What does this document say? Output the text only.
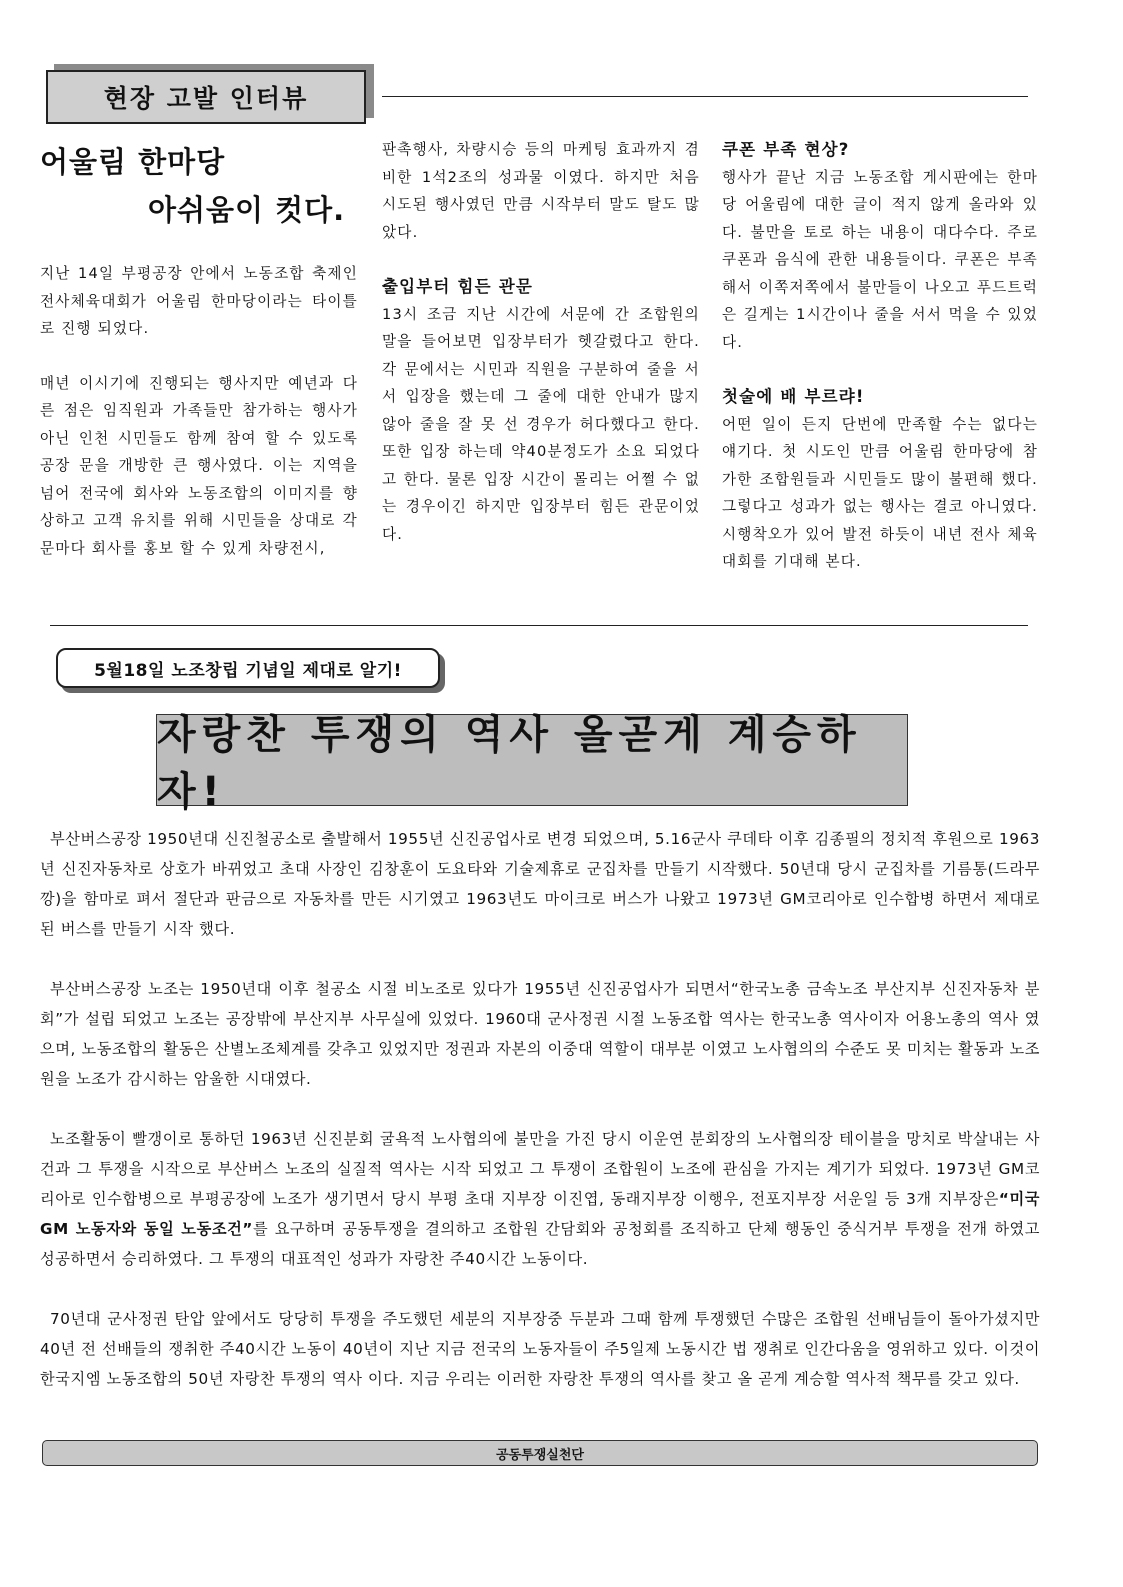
현장 고발 인터뷰
어울림 한마당
아쉬움이 컷다.

지난 14일 부평공장 안에서 노동조합 축제인 전사체육대회가 어울림 한마당이라는 타이틀로 진행 되었다.

매년 이시기에 진행되는 행사지만 예년과 다른 점은 임직원과 가족들만 참가하는 행사가 아닌 인천 시민들도 함께 참여 할 수 있도록 공장 문을 개방한 큰 행사였다. 이는 지역을 넘어 전국에 회사와 노동조합의 이미지를 향상하고 고객 유치를 위해 시민들을 상대로 각 문마다 회사를 홍보 할 수 있게 차량전시,

판촉행사, 차량시승 등의 마케팅 효과까지 겸비한 1석2조의 성과물 이였다. 하지만 처음 시도된 행사였던 만큼 시작부터 말도 탈도 많았다.

출입부터 힘든 관문

13시 조금 지난 시간에 서문에 간 조합원의 말을 들어보면 입장부터가 헷갈렸다고 한다. 각 문에서는 시민과 직원을 구분하여 줄을 서서 입장을 했는데 그 줄에 대한 안내가 많지 않아 줄을 잘 못 선 경우가 허다했다고 한다. 또한 입장 하는데 약40분정도가 소요 되었다고 한다. 물론 입장 시간이 몰리는 어쩔 수 없는 경우이긴 하지만 입장부터 힘든 관문이었다.

쿠폰 부족 현상?

행사가 끝난 지금 노동조합 게시판에는 한마당 어울림에 대한 글이 적지 않게 올라와 있다. 불만을 토로 하는 내용이 대다수다. 주로 쿠폰과 음식에 관한 내용들이다. 쿠폰은 부족해서 이쪽저쪽에서 불만들이 나오고 푸드트럭은 길게는 1시간이나 줄을 서서 먹을 수 있었다.

첫술에 배 부르랴!

어떤 일이 든지 단번에 만족할 수는 없다는 얘기다. 첫 시도인 만큼 어울림 한마당에 참가한 조합원들과 시민들도 많이 불편해 했다. 그렇다고 성과가 없는 행사는 결코 아니였다. 시행착오가 있어 발전 하듯이 내년 전사 체육대회를 기대해 본다.

5월18일 노조창립 기념일 제대로 알기!
자랑찬 투쟁의 역사 올곧게 계승하자!

부산버스공장 1950년대 신진철공소로 출발해서 1955년 신진공업사로 변경 되었으며, 5.16군사 쿠데타 이후 김종필의 정치적 후원으로 1963년 신진자동차로 상호가 바뀌었고 초대 사장인 김창훈이 도요타와 기술제휴로 군집차를 만들기 시작했다. 50년대 당시 군집차를 기름통(드라무깡)을 함마로 펴서 절단과 판금으로 자동차를 만든 시기였고 1963년도 마이크로 버스가 나왔고 1973년 GM코리아로 인수합병 하면서 제대로 된 버스를 만들기 시작 했다.

부산버스공장 노조는 1950년대 이후 철공소 시절 비노조로 있다가 1955년 신진공업사가 되면서“한국노총 금속노조 부산지부 신진자동차 분회”가 설립 되었고 노조는 공장밖에 부산지부 사무실에 있었다. 1960대 군사정권 시절 노동조합 역사는 한국노총 역사이자 어용노총의 역사 였으며, 노동조합의 활동은 산별노조체계를 갖추고 있었지만 정권과 자본의 이중대 역할이 대부분 이였고 노사협의의 수준도 못 미치는 활동과 노조원을 노조가 감시하는 암울한 시대였다.

노조활동이 빨갱이로 통하던 1963년 신진분회 굴욕적 노사협의에 불만을 가진 당시 이운연 분회장의 노사협의장 테이블을 망치로 박살내는 사건과 그 투쟁을 시작으로 부산버스 노조의 실질적 역사는 시작 되었고 그 투쟁이 조합원이 노조에 관심을 가지는 계기가 되었다. 1973년 GM코리아로 인수합병으로 부평공장에 노조가 생기면서 당시 부평 초대 지부장 이진엽, 동래지부장 이행우, 전포지부장 서운일 등 3개 지부장은“미국 GM 노동자와 동일 노동조건”를 요구하며 공동투쟁을 결의하고 조합원 간담회와 공청회를 조직하고 단체 행동인 중식거부 투쟁을 전개 하였고 성공하면서 승리하였다. 그 투쟁의 대표적인 성과가 자랑찬 주40시간 노동이다.

70년대 군사정권 탄압 앞에서도 당당히 투쟁을 주도했던 세분의 지부장중 두분과 그때 함께 투쟁했던 수많은 조합원 선배님들이 돌아가셨지만 40년 전 선배들의 쟁취한 주40시간 노동이 40년이 지난 지금 전국의 노동자들이 주5일제 노동시간 법 쟁취로 인간다움을 영위하고 있다. 이것이 한국지엠 노동조합의 50년 자랑찬 투쟁의 역사 이다. 지금 우리는 이러한 자랑찬 투쟁의 역사를 찾고 올 곧게 계승할 역사적 책무를 갖고 있다.

공동투쟁실천단
